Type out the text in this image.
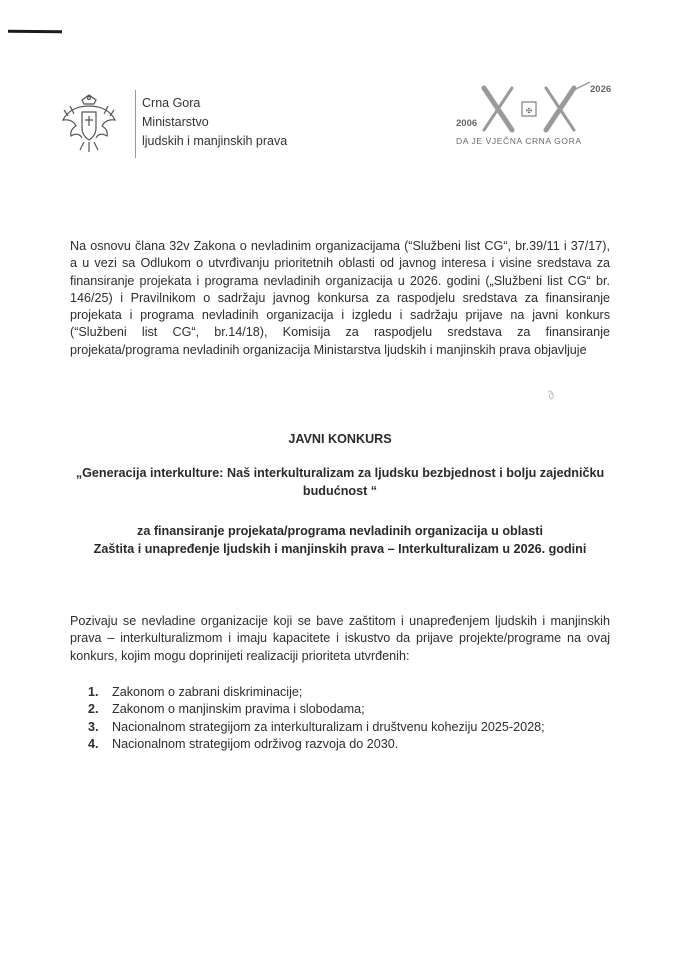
Crna Gora
Ministarstvo
ljudskih i manjinskih prava
✠
2006
2026
DA JE VJEČNA CRNA GORA
Na osnovu člana 32v Zakona o nevladinim organizacijama (“Službeni list CG“, br.39/11 i 37/17), a u vezi sa Odlukom o utvrđivanju prioritetnih oblasti od javnog interesa i visine sredstava za finansiranje projekata i programa nevladinih organizacija u 2026. godini („Službeni list CG“ br. 146/25) i Pravilnikom o sadržaju javnog konkursa za raspodjelu sredstava za finansiranje projekata i programa nevladinih organizacija i izgledu i sadržaju prijave na javni konkurs (“Službeni list CG“, br.14/18), Komisija za raspodjelu sredstava za finansiranje projekata/programa nevladinih organizacija Ministarstva ljudskih i manjinskih prava objavljuje
∂
JAVNI KONKURS
„Generacija interkulture: Naš interkulturalizam za ljudsku bezbjednost i bolju zajedničku budućnost “
za finansiranje projekata/programa nevladinih organizacija u oblasti
Zaštita i unapređenje ljudskih i manjinskih prava – Interkulturalizam u 2026. godini
Pozivaju se nevladine organizacije koji se bave zaštitom i unapređenjem ljudskih i manjinskih prava – interkulturalizmom i imaju kapacitete i iskustvo da prijave projekte/programe na ovaj konkurs, kojim mogu doprinijeti realizaciji prioriteta utvrđenih:
1.	Zakonom o zabrani diskriminacije;
2.	Zakonom o manjinskim pravima i slobodama;
3.	Nacionalnom strategijom za interkulturalizam i društvenu koheziju 2025-2028;
4.	Nacionalnom strategijom održivog razvoja do 2030.
